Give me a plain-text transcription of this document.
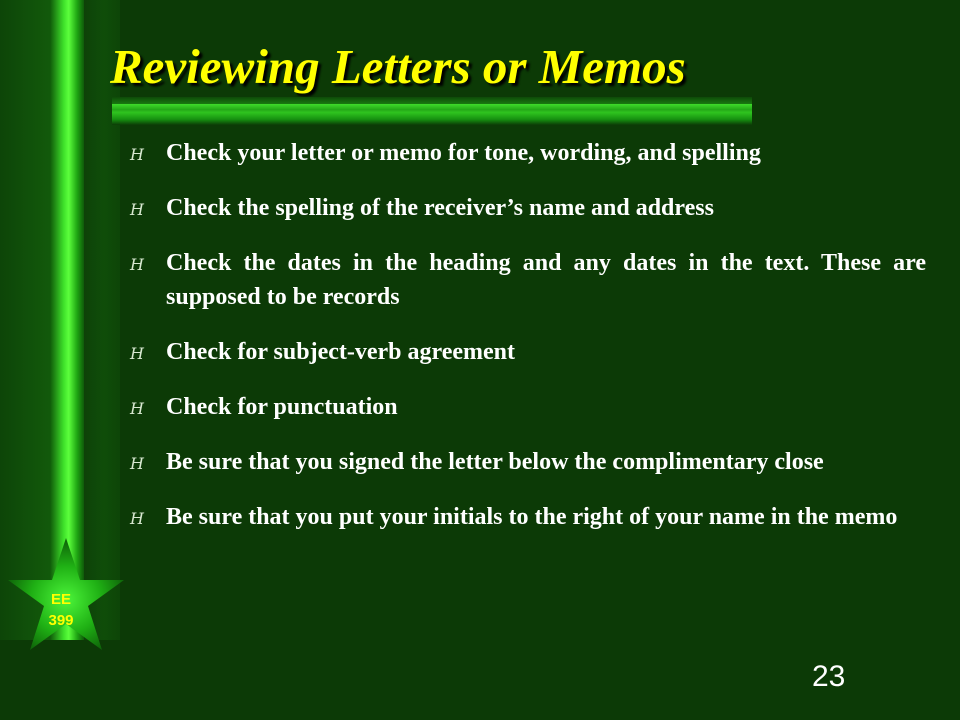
Reviewing Letters or Memos
H Check your letter or memo for tone, wording, and spelling
H Check the spelling of the receiver’s name and address
H Check the dates in the heading and any dates in the text. These are supposed to be records
H Check for subject-verb agreement
H Check for punctuation
H Be sure that you signed the letter below the complimentary close
H Be sure that you put your initials to the right of your name in the memo
EE
399
23
